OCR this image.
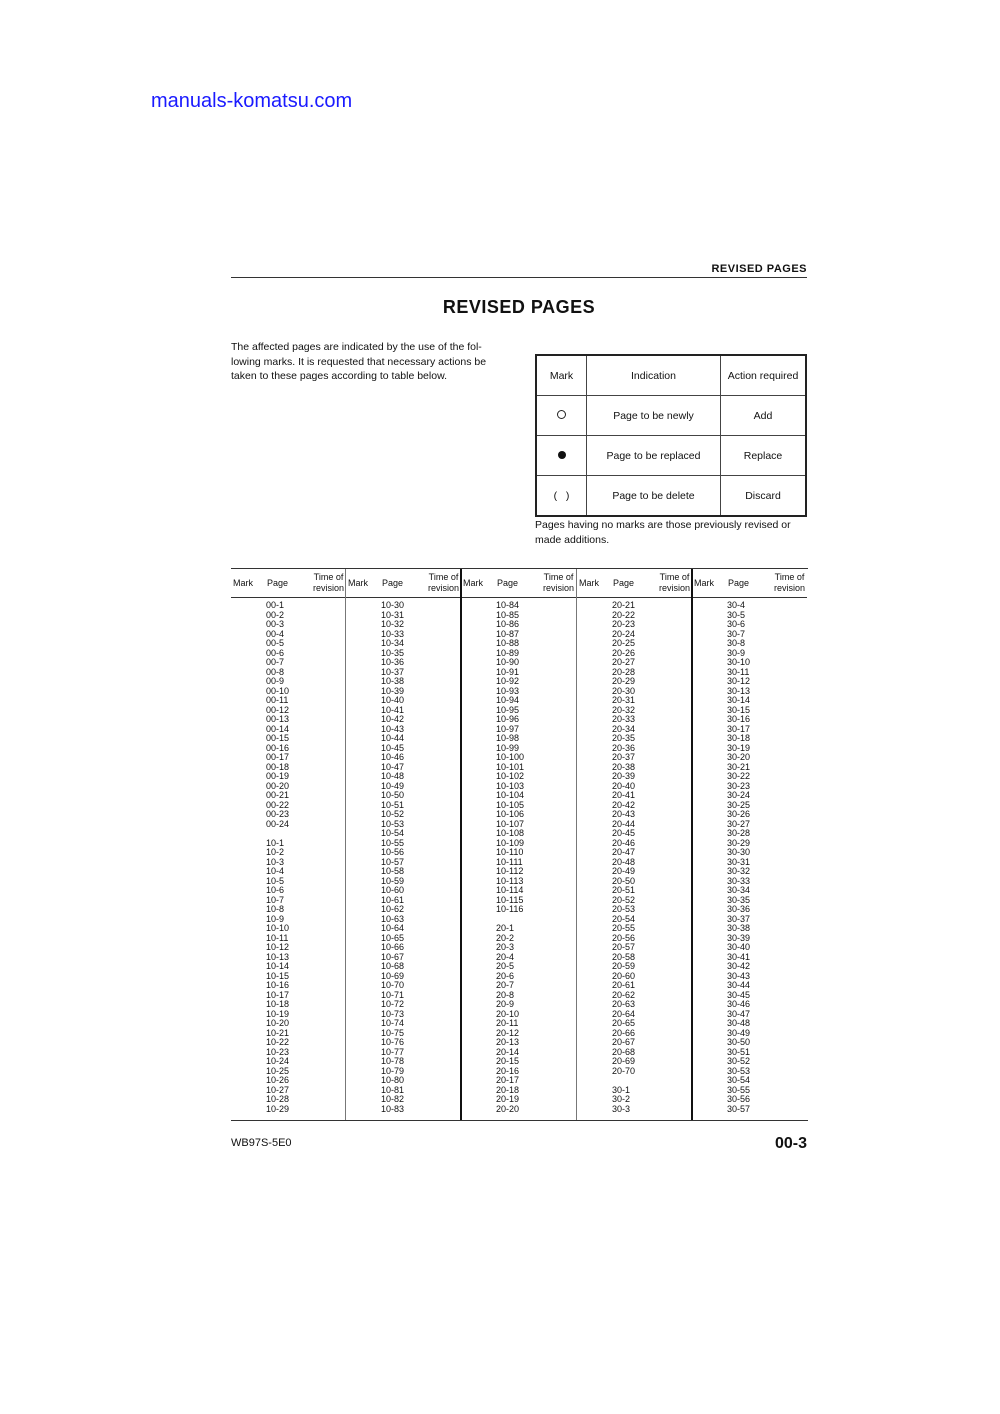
manuals-komatsu.com
REVISED PAGES
REVISED PAGES
The affected pages are indicated by the use of the fol-lowing marks. It is requested that necessary actions be taken to these pages according to table below.	Mark	Indication	Action required
	Page to be newly	Add
	Page to be replaced	Replace
(   )	Page to be delete	Discard
Pages having no marks are those previously revised or made additions.
Mark Page
Time of
revision
00-1
00-2
00-3
00-4
00-5
00-6
00-7
00-8
00-9
00-10
00-11
00-12
00-13
00-14
00-15
00-16
00-17
00-18
00-19
00-20
00-21
00-22
00-23
00-24
10-1
10-2
10-3
10-4
10-5
10-6
10-7
10-8
10-9
10-10
10-11
10-12
10-13
10-14
10-15
10-16
10-17
10-18
10-19
10-20
10-21
10-22
10-23
10-24
10-25
10-26
10-27
10-28
10-29
Mark Page
Time of
revision
10-30
10-31
10-32
10-33
10-34
10-35
10-36
10-37
10-38
10-39
10-40
10-41
10-42
10-43
10-44
10-45
10-46
10-47
10-48
10-49
10-50
10-51
10-52
10-53
10-54
10-55
10-56
10-57
10-58
10-59
10-60
10-61
10-62
10-63
10-64
10-65
10-66
10-67
10-68
10-69
10-70
10-71
10-72
10-73
10-74
10-75
10-76
10-77
10-78
10-79
10-80
10-81
10-82
10-83
Mark Page
Time of
revision
10-84
10-85
10-86
10-87
10-88
10-89
10-90
10-91
10-92
10-93
10-94
10-95
10-96
10-97
10-98
10-99
10-100
10-101
10-102
10-103
10-104
10-105
10-106
10-107
10-108
10-109
10-110
10-111
10-112
10-113
10-114
10-115
10-116
20-1
20-2
20-3
20-4
20-5
20-6
20-7
20-8
20-9
20-10
20-11
20-12
20-13
20-14
20-15
20-16
20-17
20-18
20-19
20-20
Mark Page
Time of
revision
20-21
20-22
20-23
20-24
20-25
20-26
20-27
20-28
20-29
20-30
20-31
20-32
20-33
20-34
20-35
20-36
20-37
20-38
20-39
20-40
20-41
20-42
20-43
20-44
20-45
20-46
20-47
20-48
20-49
20-50
20-51
20-52
20-53
20-54
20-55
20-56
20-57
20-58
20-59
20-60
20-61
20-62
20-63
20-64
20-65
20-66
20-67
20-68
20-69
20-70
30-1
30-2
30-3
Mark Page
Time of
revision
30-4
30-5
30-6
30-7
30-8
30-9
30-10
30-11
30-12
30-13
30-14
30-15
30-16
30-17
30-18
30-19
30-20
30-21
30-22
30-23
30-24
30-25
30-26
30-27
30-28
30-29
30-30
30-31
30-32
30-33
30-34
30-35
30-36
30-37
30-38
30-39
30-40
30-41
30-42
30-43
30-44
30-45
30-46
30-47
30-48
30-49
30-50
30-51
30-52
30-53
30-54
30-55
30-56
30-57
WB97S-5E0	00-3
